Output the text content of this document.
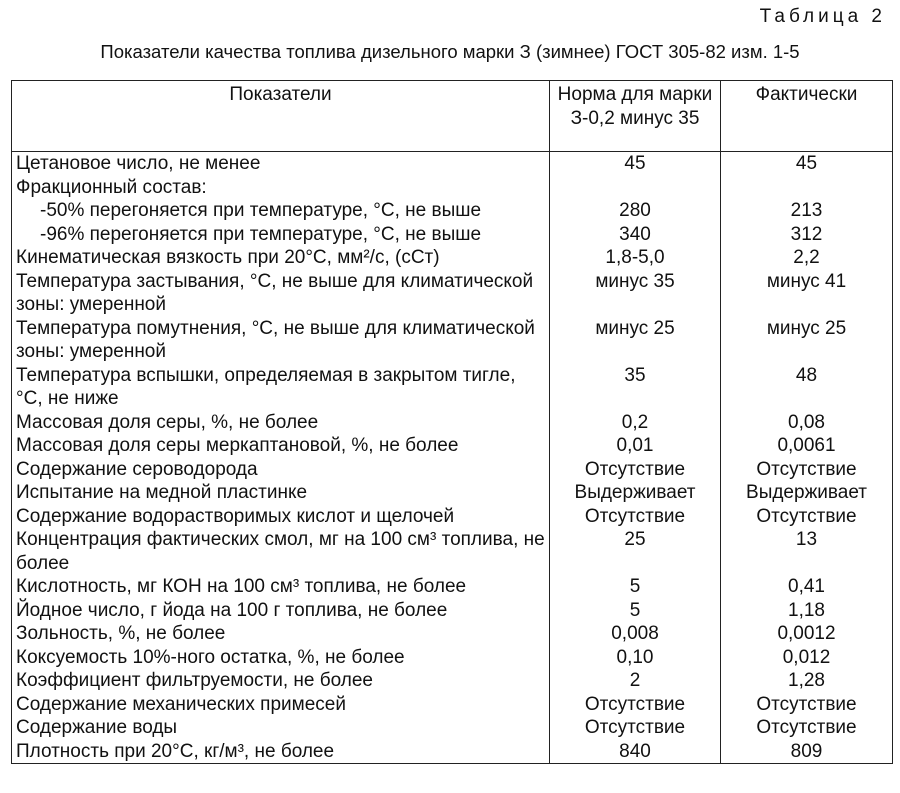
Таблица 2
Показатели качества топлива дизельного марки З (зимнее) ГОСТ 305-82 изм. 1-5
Показатели	Норма для марки З-0,2 минус 35	Фактически
Цетановое число, не менее	45	45
Фракционный состав:		
-50% перегоняется при температуре, °С, не выше	280	213
-96% перегоняется при температуре, °С, не выше	340	312
Кинематическая вязкость при 20°С, мм²/с, (сСт)	1,8-5,0	2,2
Температура застывания, °С, не выше для климатической зоны: умеренной	минус 35	минус 41
Температура помутнения, °С, не выше для климатической зоны: умеренной	минус 25	минус 25
Температура вспышки, определяемая в закрытом тигле, °С, не ниже	35	48
Массовая доля серы, %, не более	0,2	0,08
Массовая доля серы меркаптановой, %, не более	0,01	0,0061
Содержание сероводорода	Отсутствие	Отсутствие
Испытание на медной пластинке	Выдерживает	Выдерживает
Содержание водорастворимых кислот и щелочей	Отсутствие	Отсутствие
Концентрация фактических смол, мг на 100 см³ топлива, не более	25	13
Кислотность, мг КОН на 100 см³ топлива, не более	5	0,41
Йодное число, г йода на 100 г топлива, не более	5	1,18
Зольность, %, не более	0,008	0,0012
Коксуемость 10%-ного остатка, %, не более	0,10	0,012
Коэффициент фильтруемости, не более	2	1,28
Содержание механических примесей	Отсутствие	Отсутствие
Содержание воды	Отсутствие	Отсутствие
Плотность при 20°С, кг/м³, не более	840	809
